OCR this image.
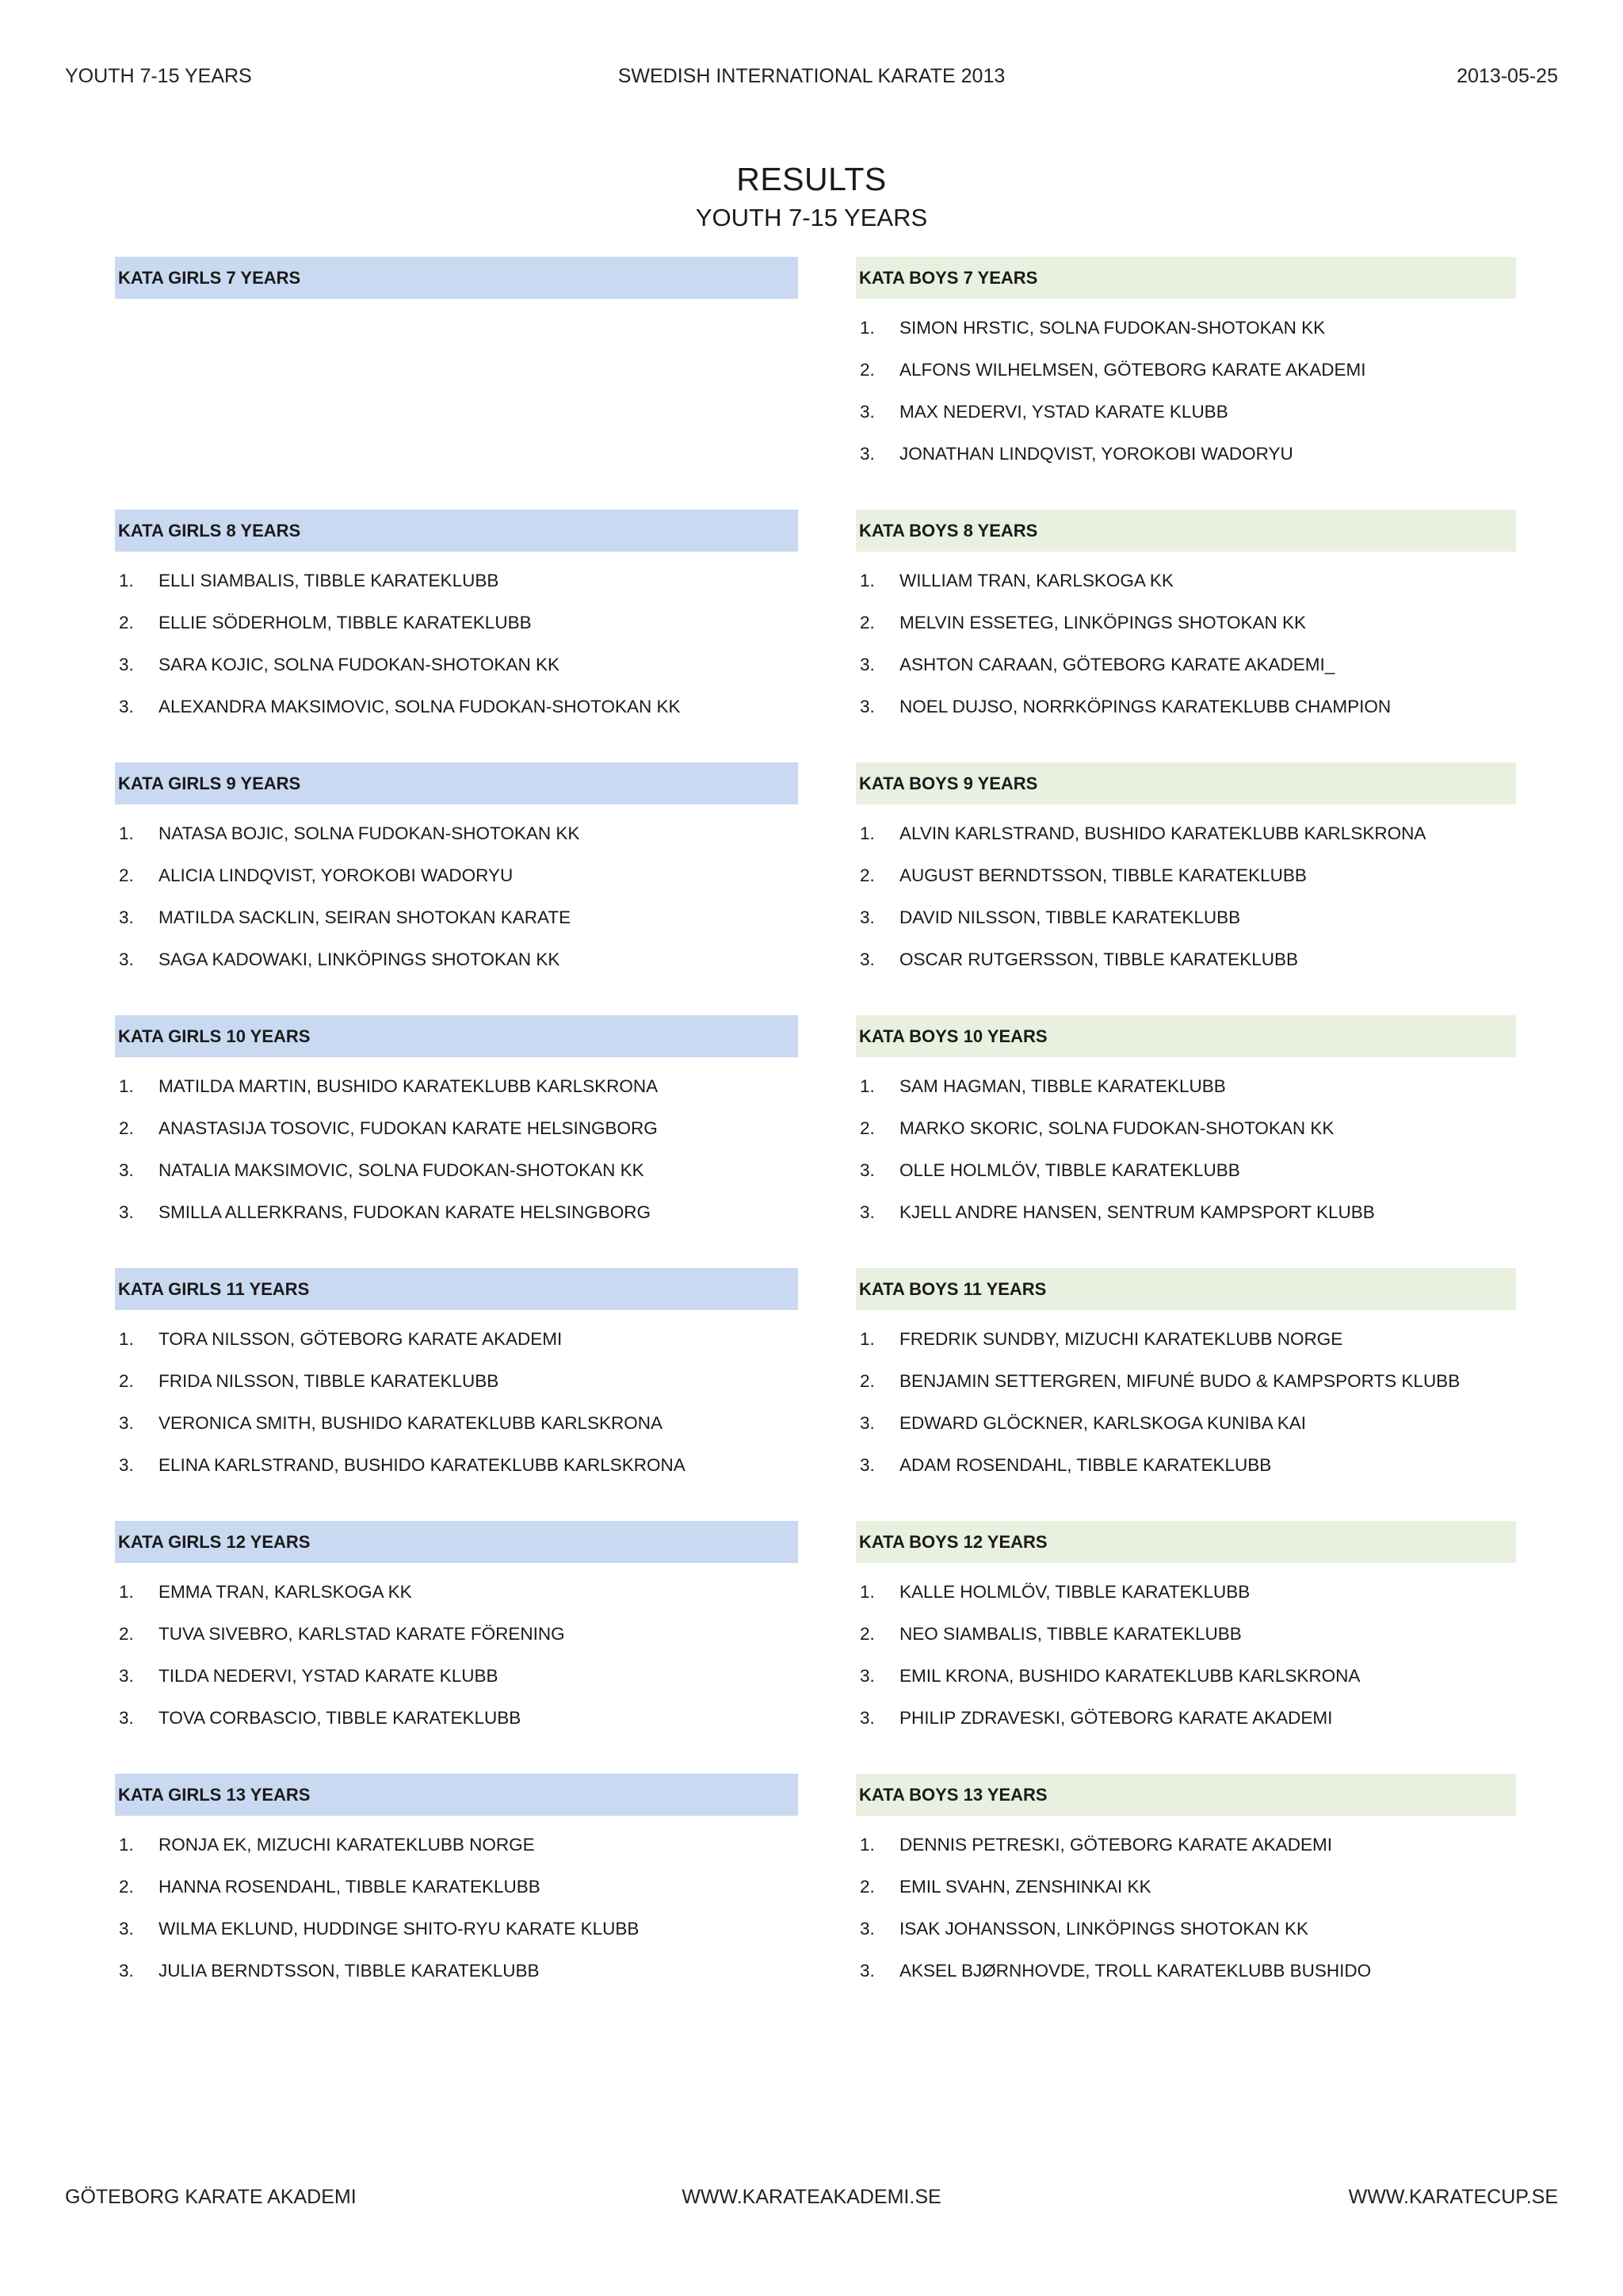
YOUTH 7-15 YEARS	SWEDISH INTERNATIONAL KARATE 2013	2013-05-25
RESULTS
YOUTH 7-15 YEARS
KATA GIRLS 7 YEARS
KATA GIRLS 8 YEARS
1.	ELLI SIAMBALIS, TIBBLE KARATEKLUBB
2.	ELLIE SÖDERHOLM, TIBBLE KARATEKLUBB
3.	SARA KOJIC, SOLNA FUDOKAN-SHOTOKAN KK
3.	ALEXANDRA MAKSIMOVIC, SOLNA FUDOKAN-SHOTOKAN KK
KATA GIRLS 9 YEARS
1.	NATASA BOJIC, SOLNA FUDOKAN-SHOTOKAN KK
2.	ALICIA LINDQVIST, YOROKOBI WADORYU
3.	MATILDA SACKLIN, SEIRAN SHOTOKAN KARATE
3.	SAGA KADOWAKI, LINKÖPINGS SHOTOKAN KK
KATA GIRLS 10 YEARS
1.	MATILDA MARTIN, BUSHIDO KARATEKLUBB KARLSKRONA
2.	ANASTASIJA TOSOVIC, FUDOKAN KARATE HELSINGBORG
3.	NATALIA MAKSIMOVIC, SOLNA FUDOKAN-SHOTOKAN KK
3.	SMILLA ALLERKRANS, FUDOKAN KARATE HELSINGBORG
KATA GIRLS 11 YEARS
1.	TORA NILSSON, GÖTEBORG KARATE AKADEMI
2.	FRIDA NILSSON, TIBBLE KARATEKLUBB
3.	VERONICA SMITH, BUSHIDO KARATEKLUBB KARLSKRONA
3.	ELINA KARLSTRAND, BUSHIDO KARATEKLUBB KARLSKRONA
KATA GIRLS 12 YEARS
1.	EMMA TRAN, KARLSKOGA KK
2.	TUVA SIVEBRO, KARLSTAD KARATE FÖRENING
3.	TILDA NEDERVI, YSTAD KARATE KLUBB
3.	TOVA CORBASCIO, TIBBLE KARATEKLUBB
KATA GIRLS 13 YEARS
1.	RONJA EK, MIZUCHI KARATEKLUBB NORGE
2.	HANNA ROSENDAHL, TIBBLE KARATEKLUBB
3.	WILMA EKLUND, HUDDINGE SHITO-RYU KARATE KLUBB
3.	JULIA BERNDTSSON, TIBBLE KARATEKLUBB
KATA BOYS 7 YEARS
1.	SIMON HRSTIC, SOLNA FUDOKAN-SHOTOKAN KK
2.	ALFONS WILHELMSEN, GÖTEBORG KARATE AKADEMI
3.	MAX NEDERVI, YSTAD KARATE KLUBB
3.	JONATHAN LINDQVIST, YOROKOBI WADORYU
KATA BOYS 8 YEARS
1.	WILLIAM TRAN, KARLSKOGA KK
2.	MELVIN ESSETEG, LINKÖPINGS SHOTOKAN KK
3.	ASHTON CARAAN, GÖTEBORG KARATE AKADEMI_
3.	NOEL DUJSO, NORRKÖPINGS KARATEKLUBB CHAMPION
KATA BOYS 9 YEARS
1.	ALVIN KARLSTRAND, BUSHIDO KARATEKLUBB KARLSKRONA
2.	AUGUST BERNDTSSON, TIBBLE KARATEKLUBB
3.	DAVID NILSSON, TIBBLE KARATEKLUBB
3.	OSCAR RUTGERSSON, TIBBLE KARATEKLUBB
KATA BOYS 10 YEARS
1.	SAM HAGMAN, TIBBLE KARATEKLUBB
2.	MARKO SKORIC, SOLNA FUDOKAN-SHOTOKAN KK
3.	OLLE HOLMLÖV, TIBBLE KARATEKLUBB
3.	KJELL ANDRE HANSEN, SENTRUM KAMPSPORT KLUBB
KATA BOYS 11 YEARS
1.	FREDRIK SUNDBY, MIZUCHI KARATEKLUBB NORGE
2.	BENJAMIN SETTERGREN, MIFUNÉ BUDO & KAMPSPORTS KLUBB
3.	EDWARD GLÖCKNER, KARLSKOGA KUNIBA KAI
3.	ADAM ROSENDAHL, TIBBLE KARATEKLUBB
KATA BOYS 12 YEARS
1.	KALLE HOLMLÖV, TIBBLE KARATEKLUBB
2.	NEO SIAMBALIS, TIBBLE KARATEKLUBB
3.	EMIL KRONA, BUSHIDO KARATEKLUBB KARLSKRONA
3.	PHILIP ZDRAVESKI, GÖTEBORG KARATE AKADEMI
KATA BOYS 13 YEARS
1.	DENNIS PETRESKI, GÖTEBORG KARATE AKADEMI
2.	EMIL SVAHN, ZENSHINKAI KK
3.	ISAK JOHANSSON, LINKÖPINGS SHOTOKAN KK
3.	AKSEL BJØRNHOVDE, TROLL KARATEKLUBB BUSHIDO
GÖTEBORG KARATE AKADEMI	WWW.KARATEAKADEMI.SE	WWW.KARATECUP.SE
